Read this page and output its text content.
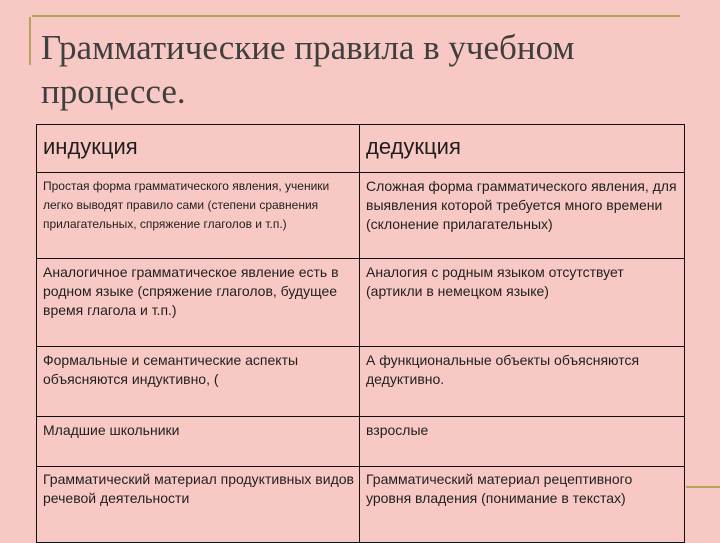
Грамматические правила в учебном процессе.
индукция	дедукция

Простая форма грамматического явления, ученики легко выводят правило сами (степени сравнения прилагательных, спряжение глаголов и т.п.)	Сложная форма грамматического явления, для выявления которой требуется много времени (склонение прилагательных)

Аналогичное грамматическое явление есть в родном языке (спряжение глаголов, будущее время глагола и т.п.)	Аналогия с родным языком отсутствует (артикли в немецком языке)

Формальные и семантические аспекты объясняются индуктивно, (	А функциональные объекты объясняются дедуктивно.

Младшие школьники	взрослые

Грамматический материал продуктивных видов речевой деятельности	Грамматический материал рецептивного уровня владения (понимание в текстах)
